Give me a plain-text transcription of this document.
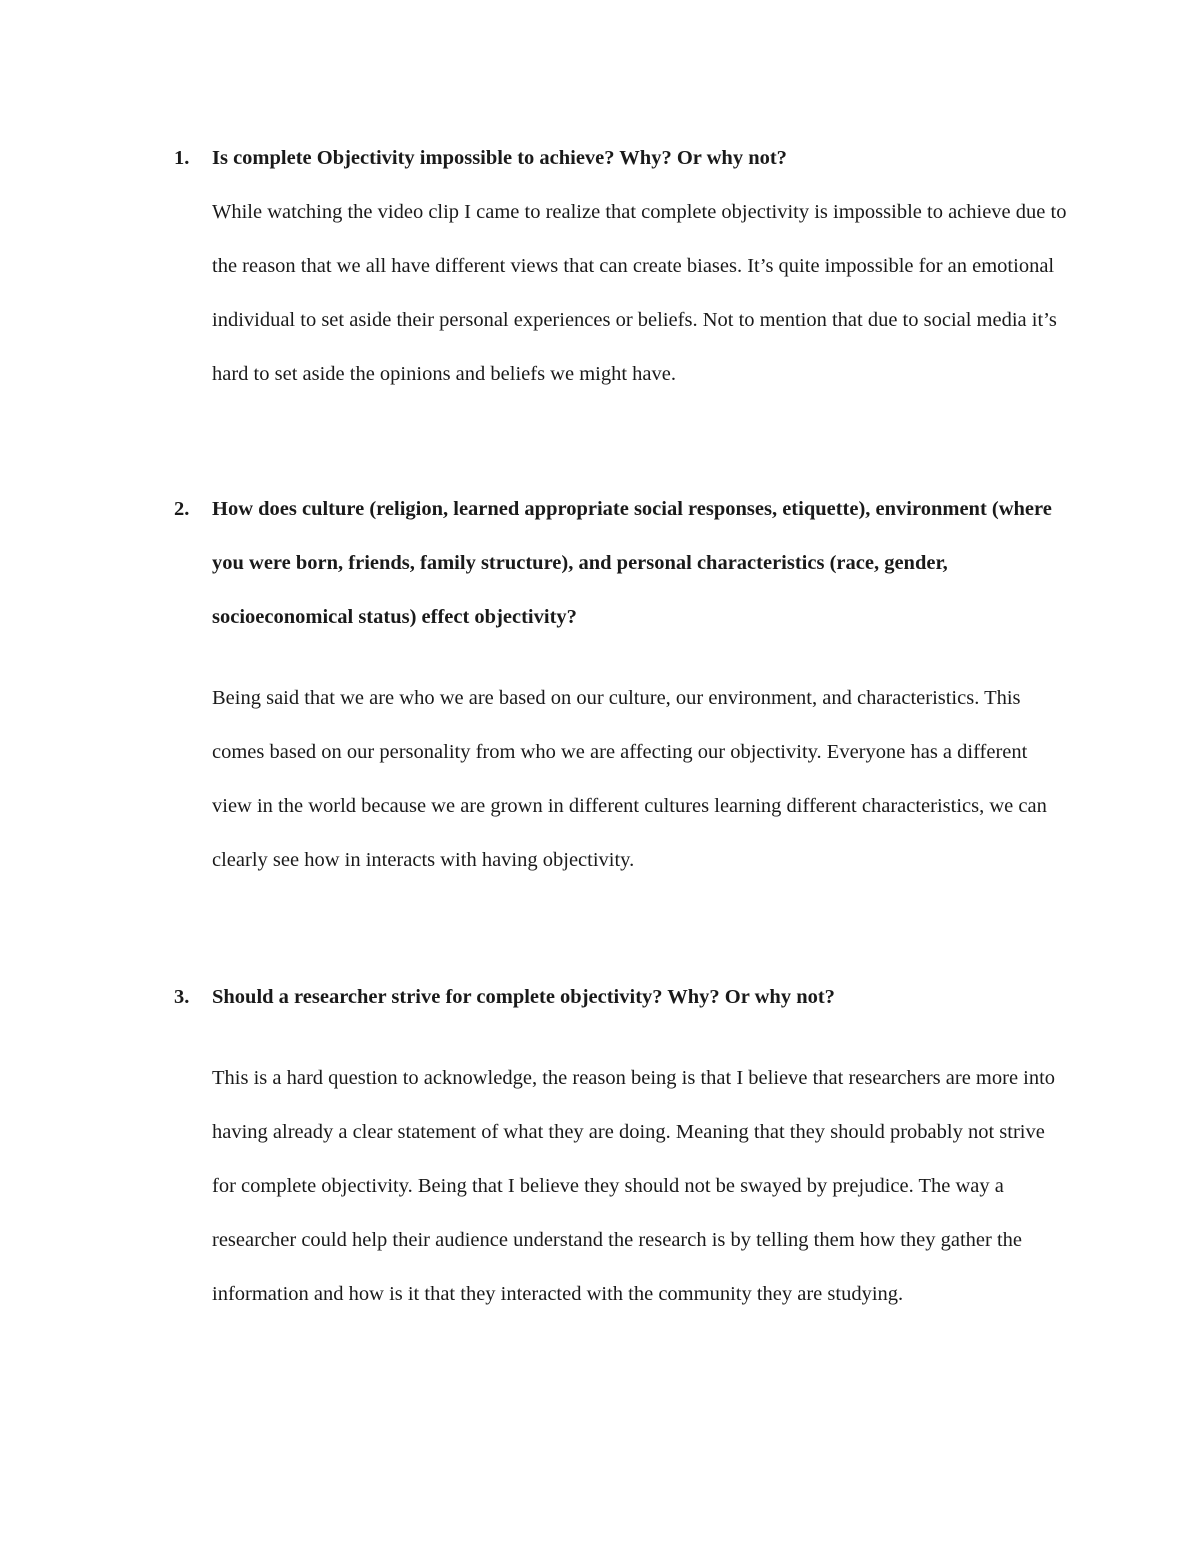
1.	Is complete Objectivity impossible to achieve? Why? Or why not?
While watching the video clip I came to realize that complete objectivity is impossible to achieve due to the reason that we all have different views that can create biases. It’s quite impossible for an emotional individual to set aside their personal experiences or beliefs. Not to mention that due to social media it’s hard to set aside the opinions and beliefs we might have.
2.	How does culture (religion, learned appropriate social responses, etiquette), environment (where you were born, friends, family structure), and personal characteristics (race, gender, socioeconomical status) effect objectivity?
Being said that we are who we are based on our culture, our environment, and characteristics. This comes based on our personality from who we are affecting our objectivity. Everyone has a different view in the world because we are grown in different cultures learning different characteristics, we can clearly see how in interacts with having objectivity.
3.	Should a researcher strive for complete objectivity? Why? Or why not?
This is a hard question to acknowledge, the reason being is that I believe that researchers are more into having already a clear statement of what they are doing. Meaning that they should probably not strive for complete objectivity. Being that I believe they should not be swayed by prejudice. The way a researcher could help their audience understand the research is by telling them how they gather the information and how is it that they interacted with the community they are studying.
